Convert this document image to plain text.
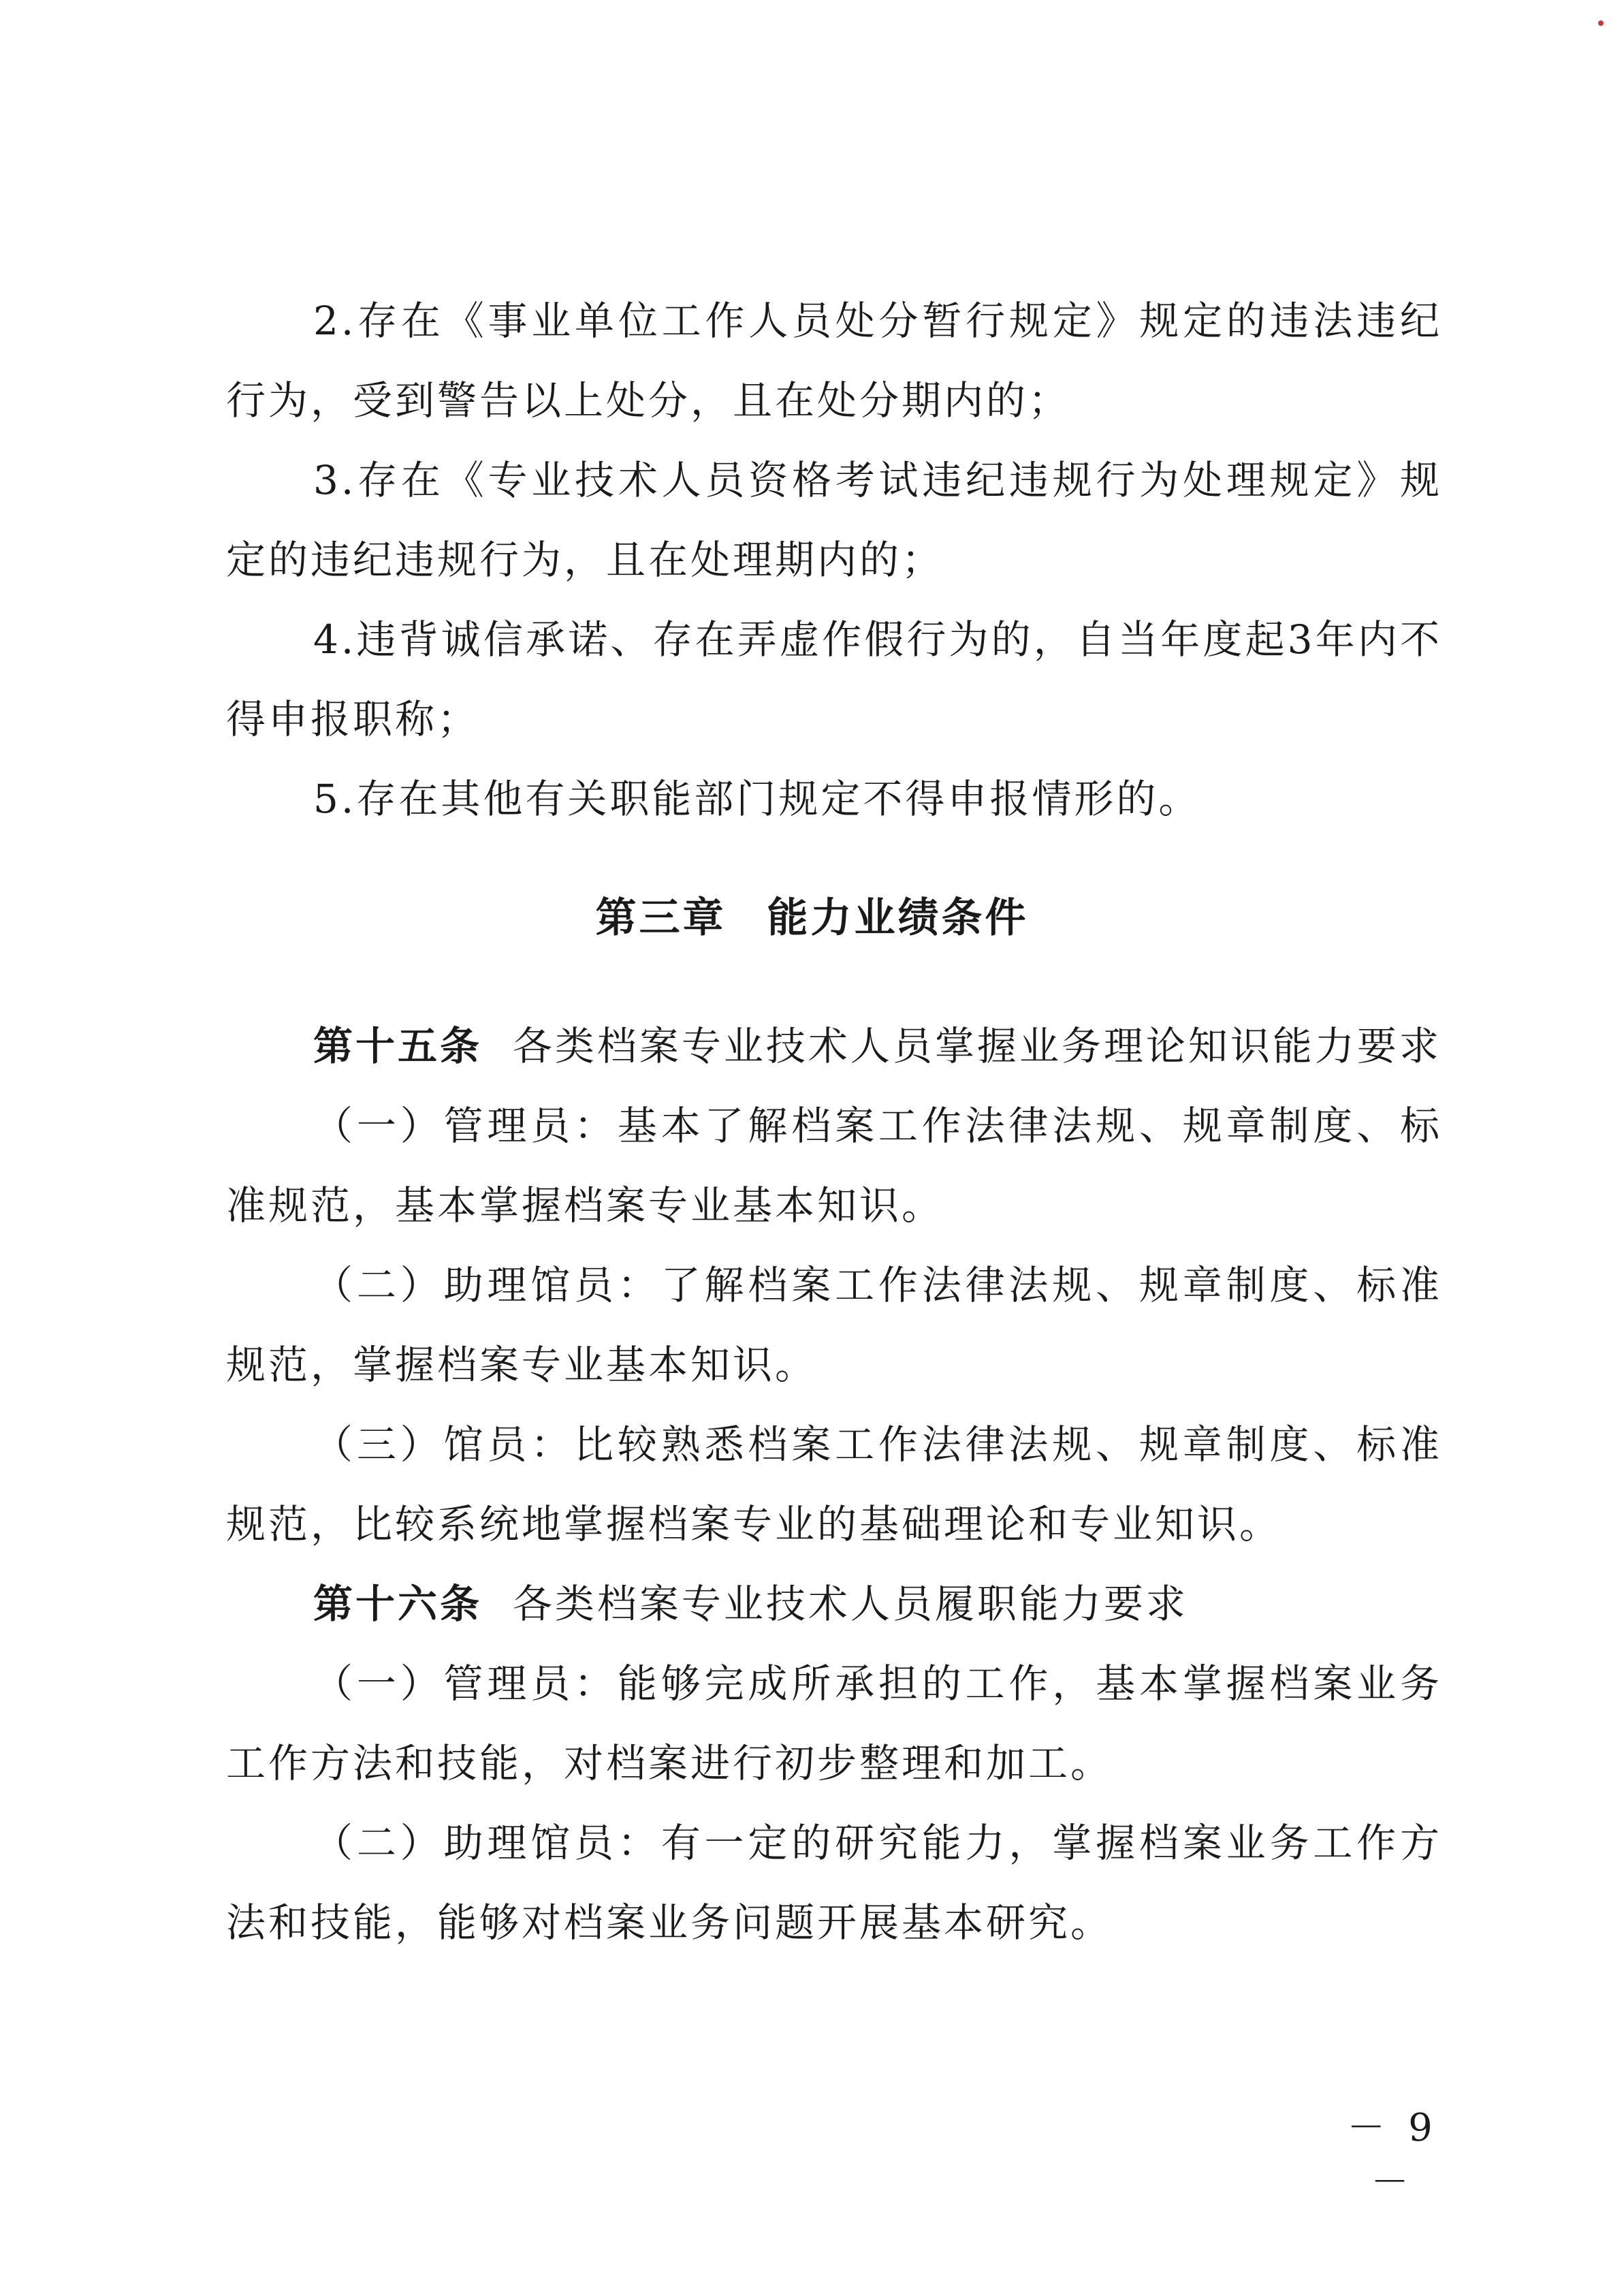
2.存在《事业单位工作人员处分暂行规定》规定的违法违纪行为，受到警告以上处分，且在处分期内的；

3.存在《专业技术人员资格考试违纪违规行为处理规定》规定的违纪违规行为，且在处理期内的；

4.违背诚信承诺、存在弄虚作假行为的，自当年度起3年内不得申报职称；

5.存在其他有关职能部门规定不得申报情形的。

第三章 能力业绩条件

第十五条 各类档案专业技术人员掌握业务理论知识能力要求

（一）管理员：基本了解档案工作法律法规、规章制度、标准规范，基本掌握档案专业基本知识。

（二）助理馆员：了解档案工作法律法规、规章制度、标准规范，掌握档案专业基本知识。

（三）馆员：比较熟悉档案工作法律法规、规章制度、标准规范，比较系统地掌握档案专业的基础理论和专业知识。

第十六条 各类档案专业技术人员履职能力要求

（一）管理员：能够完成所承担的工作，基本掌握档案业务工作方法和技能，对档案进行初步整理和加工。

（二）助理馆员：有一定的研究能力，掌握档案业务工作方法和技能，能够对档案业务问题开展基本研究。

－ 9 －
